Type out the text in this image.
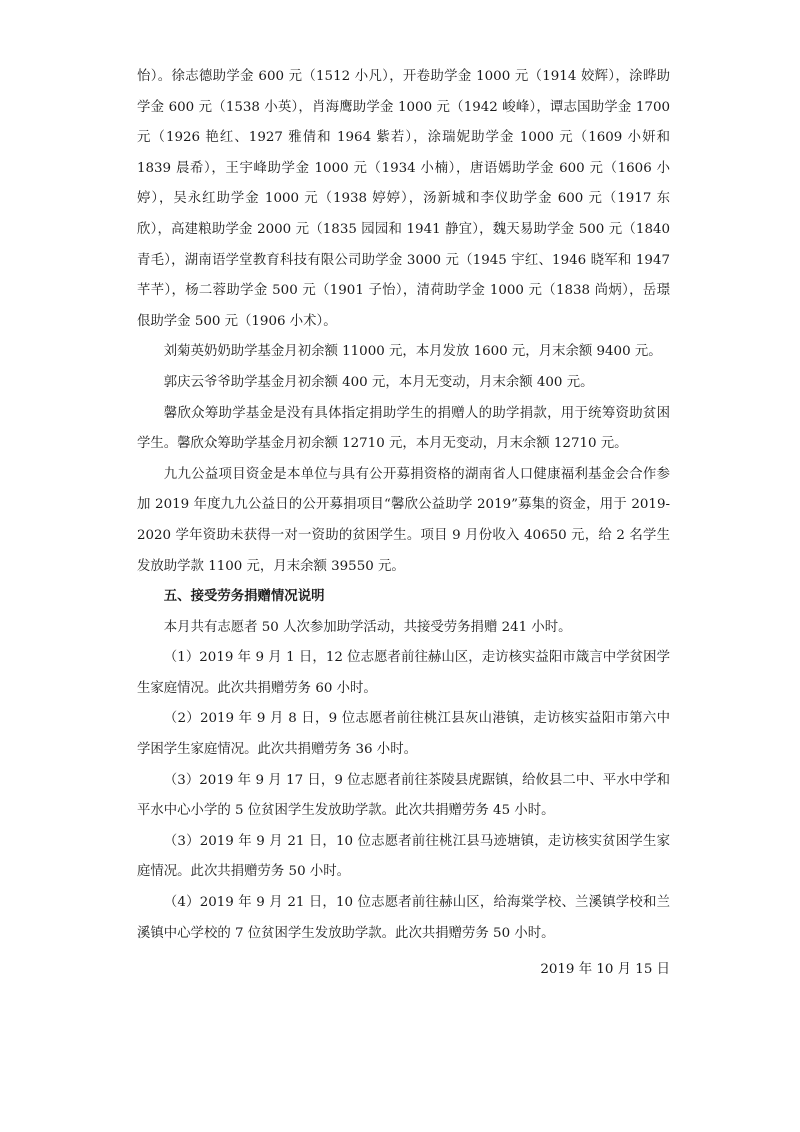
怡）。徐志德助学金 600 元（1512 小凡），开卷助学金 1000 元（1914 姣辉），涂晔助学金 600 元（1538 小英），肖海鹰助学金 1000 元（1942 峻峰），谭志国助学金 1700 元（1926 艳红、1927 雅倩和 1964 紫若），涂瑞妮助学金 1000 元（1609 小妍和 1839 晨希），王宇峰助学金 1000 元（1934 小楠），唐语嫣助学金 600 元（1606 小婷），吴永红助学金 1000 元（1938 婷婷），汤新城和李仪助学金 600 元（1917 东欣），高建粮助学金 2000 元（1835 园园和 1941 静宜），魏天易助学金 500 元（1840 青毛），湖南语学堂教育科技有限公司助学金 3000 元（1945 宇红、1946 晓军和 1947 芊芊），杨二蓉助学金 500 元（1901 子怡），清荷助学金 1000 元（1838 尚炳），岳璟佷助学金 500 元（1906 小术）。

刘菊英奶奶助学基金月初余额 11000 元，本月发放 1600 元，月末余额 9400 元。

郭庆云爷爷助学基金月初余额 400 元，本月无变动，月末余额 400 元。

馨欣众筹助学基金是没有具体指定捐助学生的捐赠人的助学捐款，用于统筹资助贫困学生。馨欣众筹助学基金月初余额 12710 元，本月无变动，月末余额 12710 元。

九九公益项目资金是本单位与具有公开募捐资格的湖南省人口健康福利基金会合作参加 2019 年度九九公益日的公开募捐项目“馨欣公益助学 2019”募集的资金，用于 2019-2020 学年资助未获得一对一资助的贫困学生。项目 9 月份收入 40650 元，给 2 名学生发放助学款 1100 元，月末余额 39550 元。

五、接受劳务捐赠情况说明

本月共有志愿者 50 人次参加助学活动，共接受劳务捐赠 241 小时。

（1）2019 年 9 月 1 日，12 位志愿者前往赫山区，走访核实益阳市箴言中学贫困学生家庭情况。此次共捐赠劳务 60 小时。

（2）2019 年 9 月 8 日，9 位志愿者前往桃江县灰山港镇，走访核实益阳市第六中学困学生家庭情况。此次共捐赠劳务 36 小时。

（3）2019 年 9 月 17 日，9 位志愿者前往茶陵县虎踞镇，给攸县二中、平水中学和平水中心小学的 5 位贫困学生发放助学款。此次共捐赠劳务 45 小时。

（3）2019 年 9 月 21 日，10 位志愿者前往桃江县马迹塘镇，走访核实贫困学生家庭情况。此次共捐赠劳务 50 小时。

（4）2019 年 9 月 21 日，10 位志愿者前往赫山区，给海棠学校、兰溪镇学校和兰溪镇中心学校的 7 位贫困学生发放助学款。此次共捐赠劳务 50 小时。

2019 年 10 月 15 日
